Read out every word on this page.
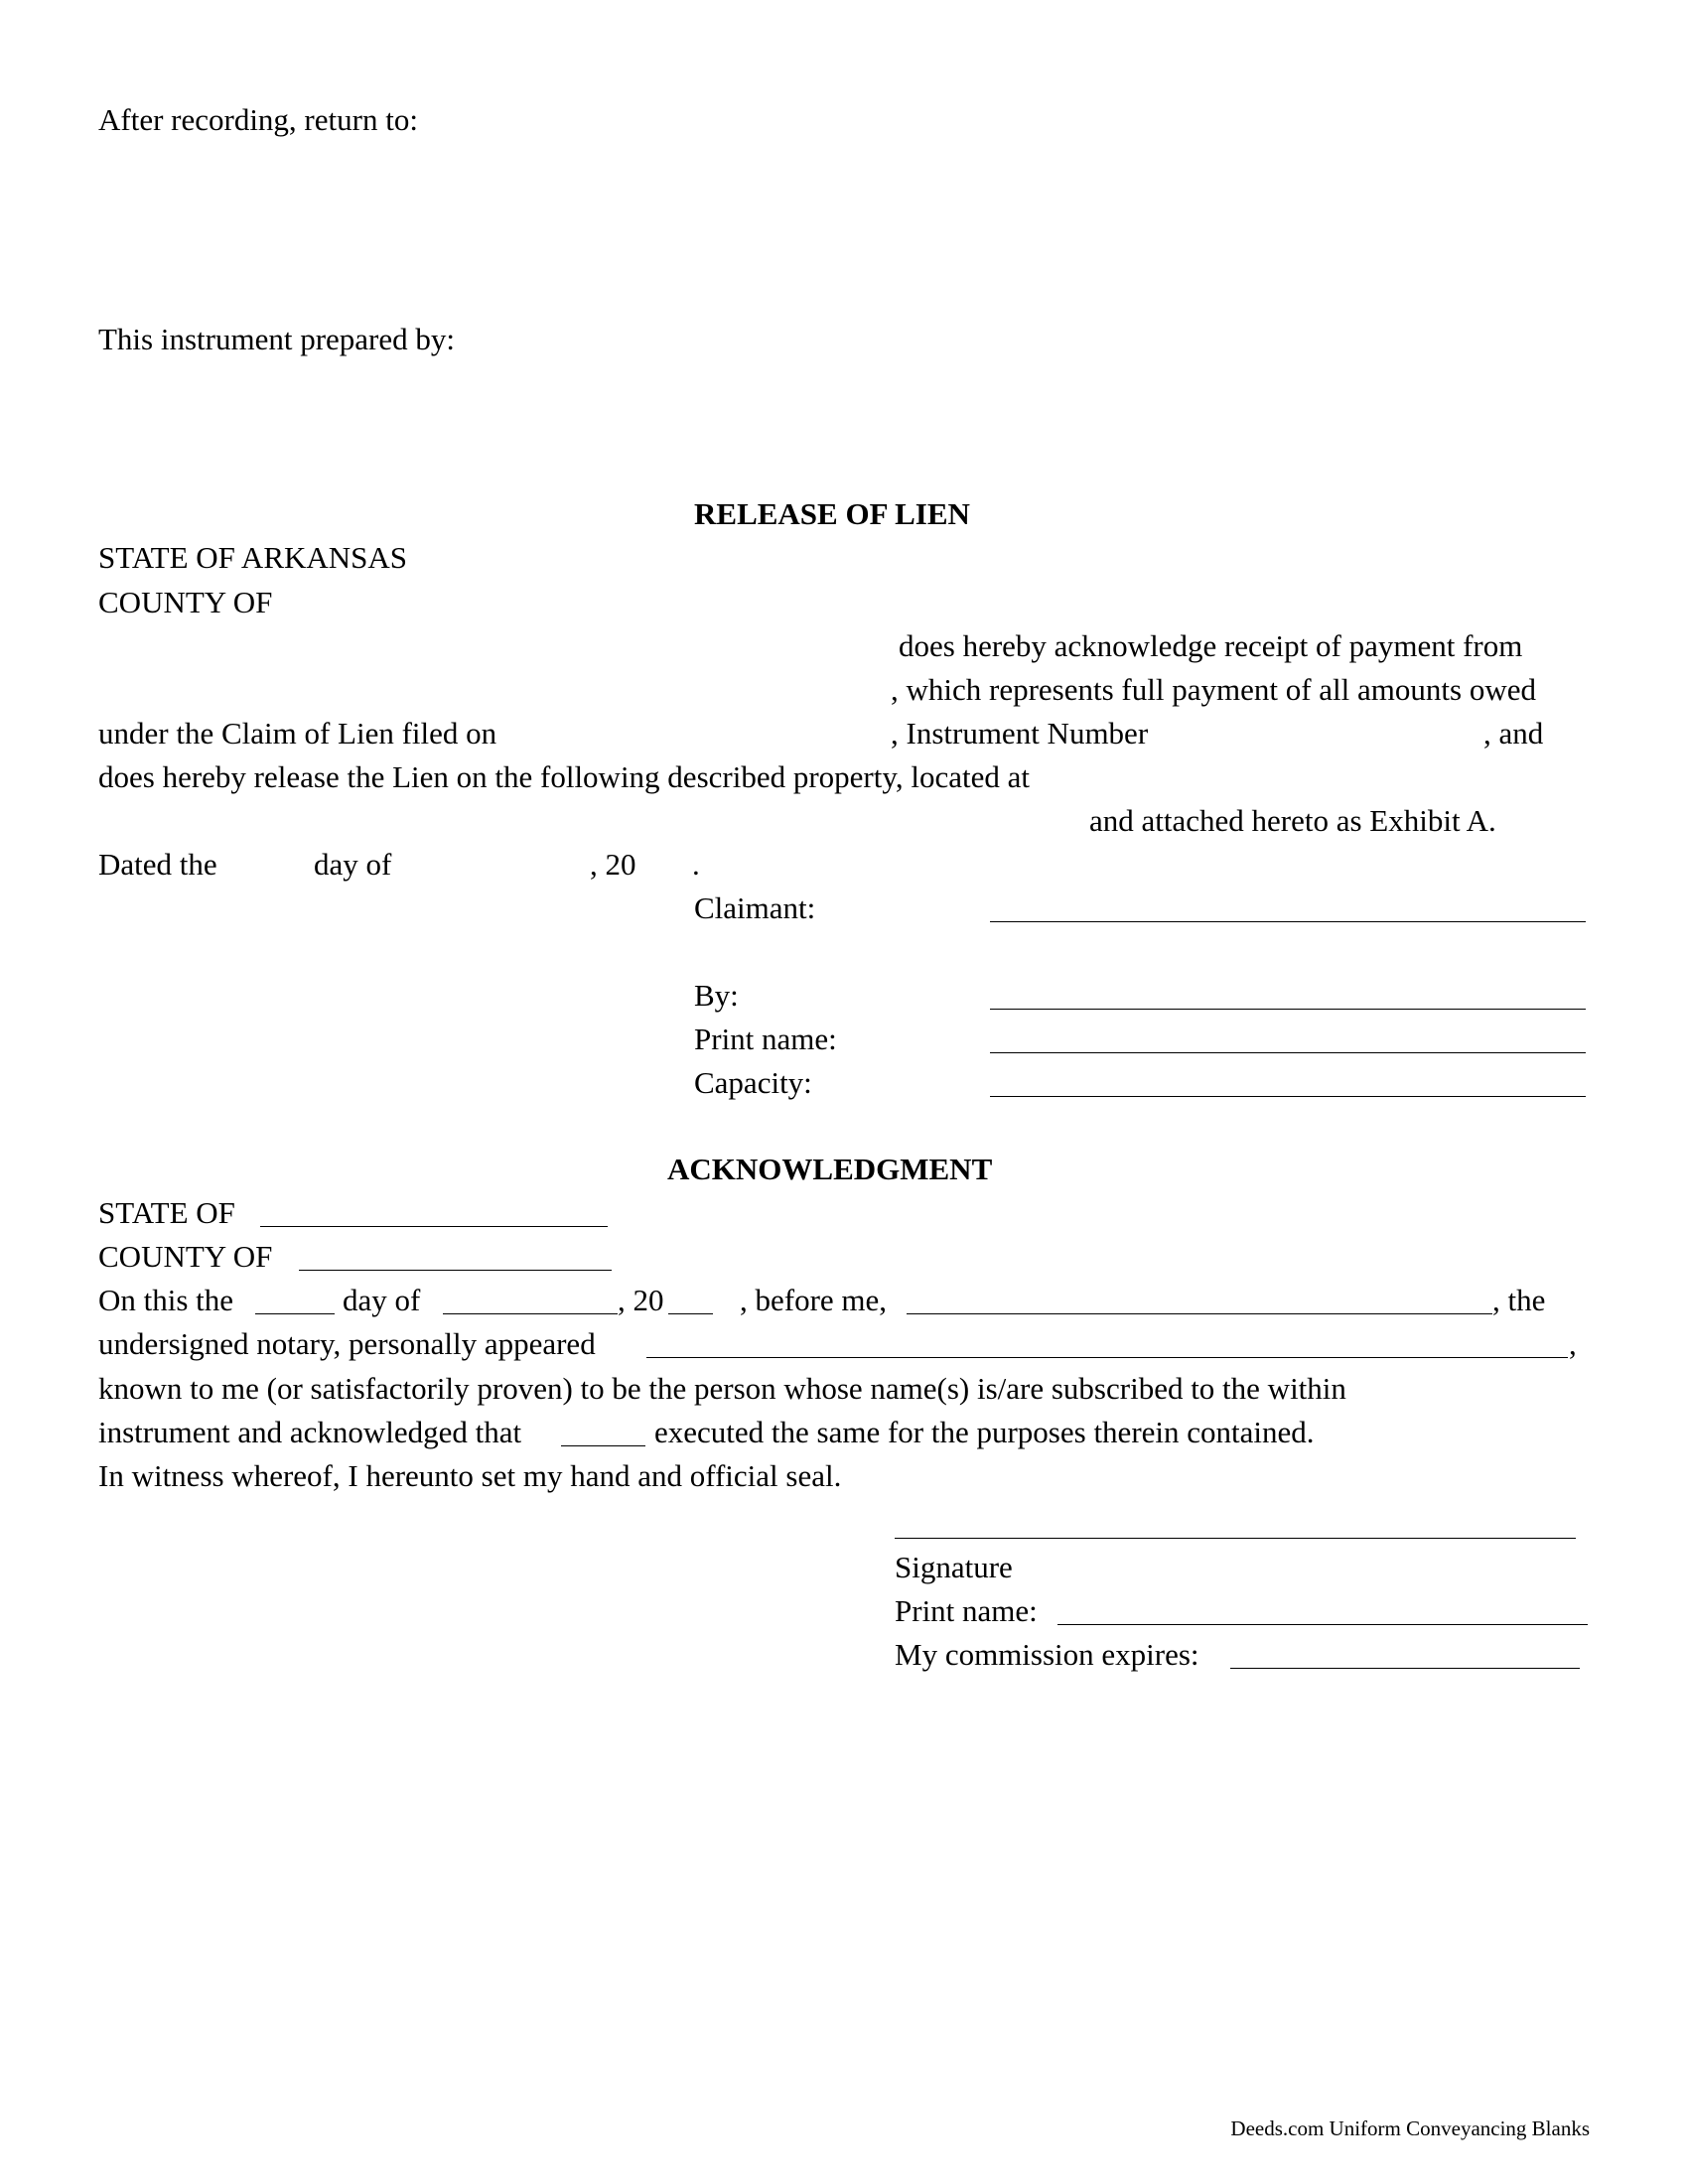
After recording, return to:
This instrument prepared by:
RELEASE OF LIEN
STATE OF ARKANSAS
COUNTY OF
does hereby acknowledge receipt of payment from
, which represents full payment of all amounts owed
under the Claim of Lien filed on	, Instrument Number	, and
does hereby release the Lien on the following described property, located at
and attached hereto as Exhibit A.
Dated the	day of	, 20 .
Claimant:
By:
Print name:
Capacity:
ACKNOWLEDGMENT
STATE OF
COUNTY OF
On this the	day of	, 20 , before me,	, the
undersigned notary, personally appeared	,
known to me (or satisfactorily proven) to be the person whose name(s) is/are subscribed to the within
instrument and acknowledged that	executed the same for the purposes therein contained.
In witness whereof, I hereunto set my hand and official seal.
Signature
Print name:
My commission expires:
Deeds.com Uniform Conveyancing Blanks
